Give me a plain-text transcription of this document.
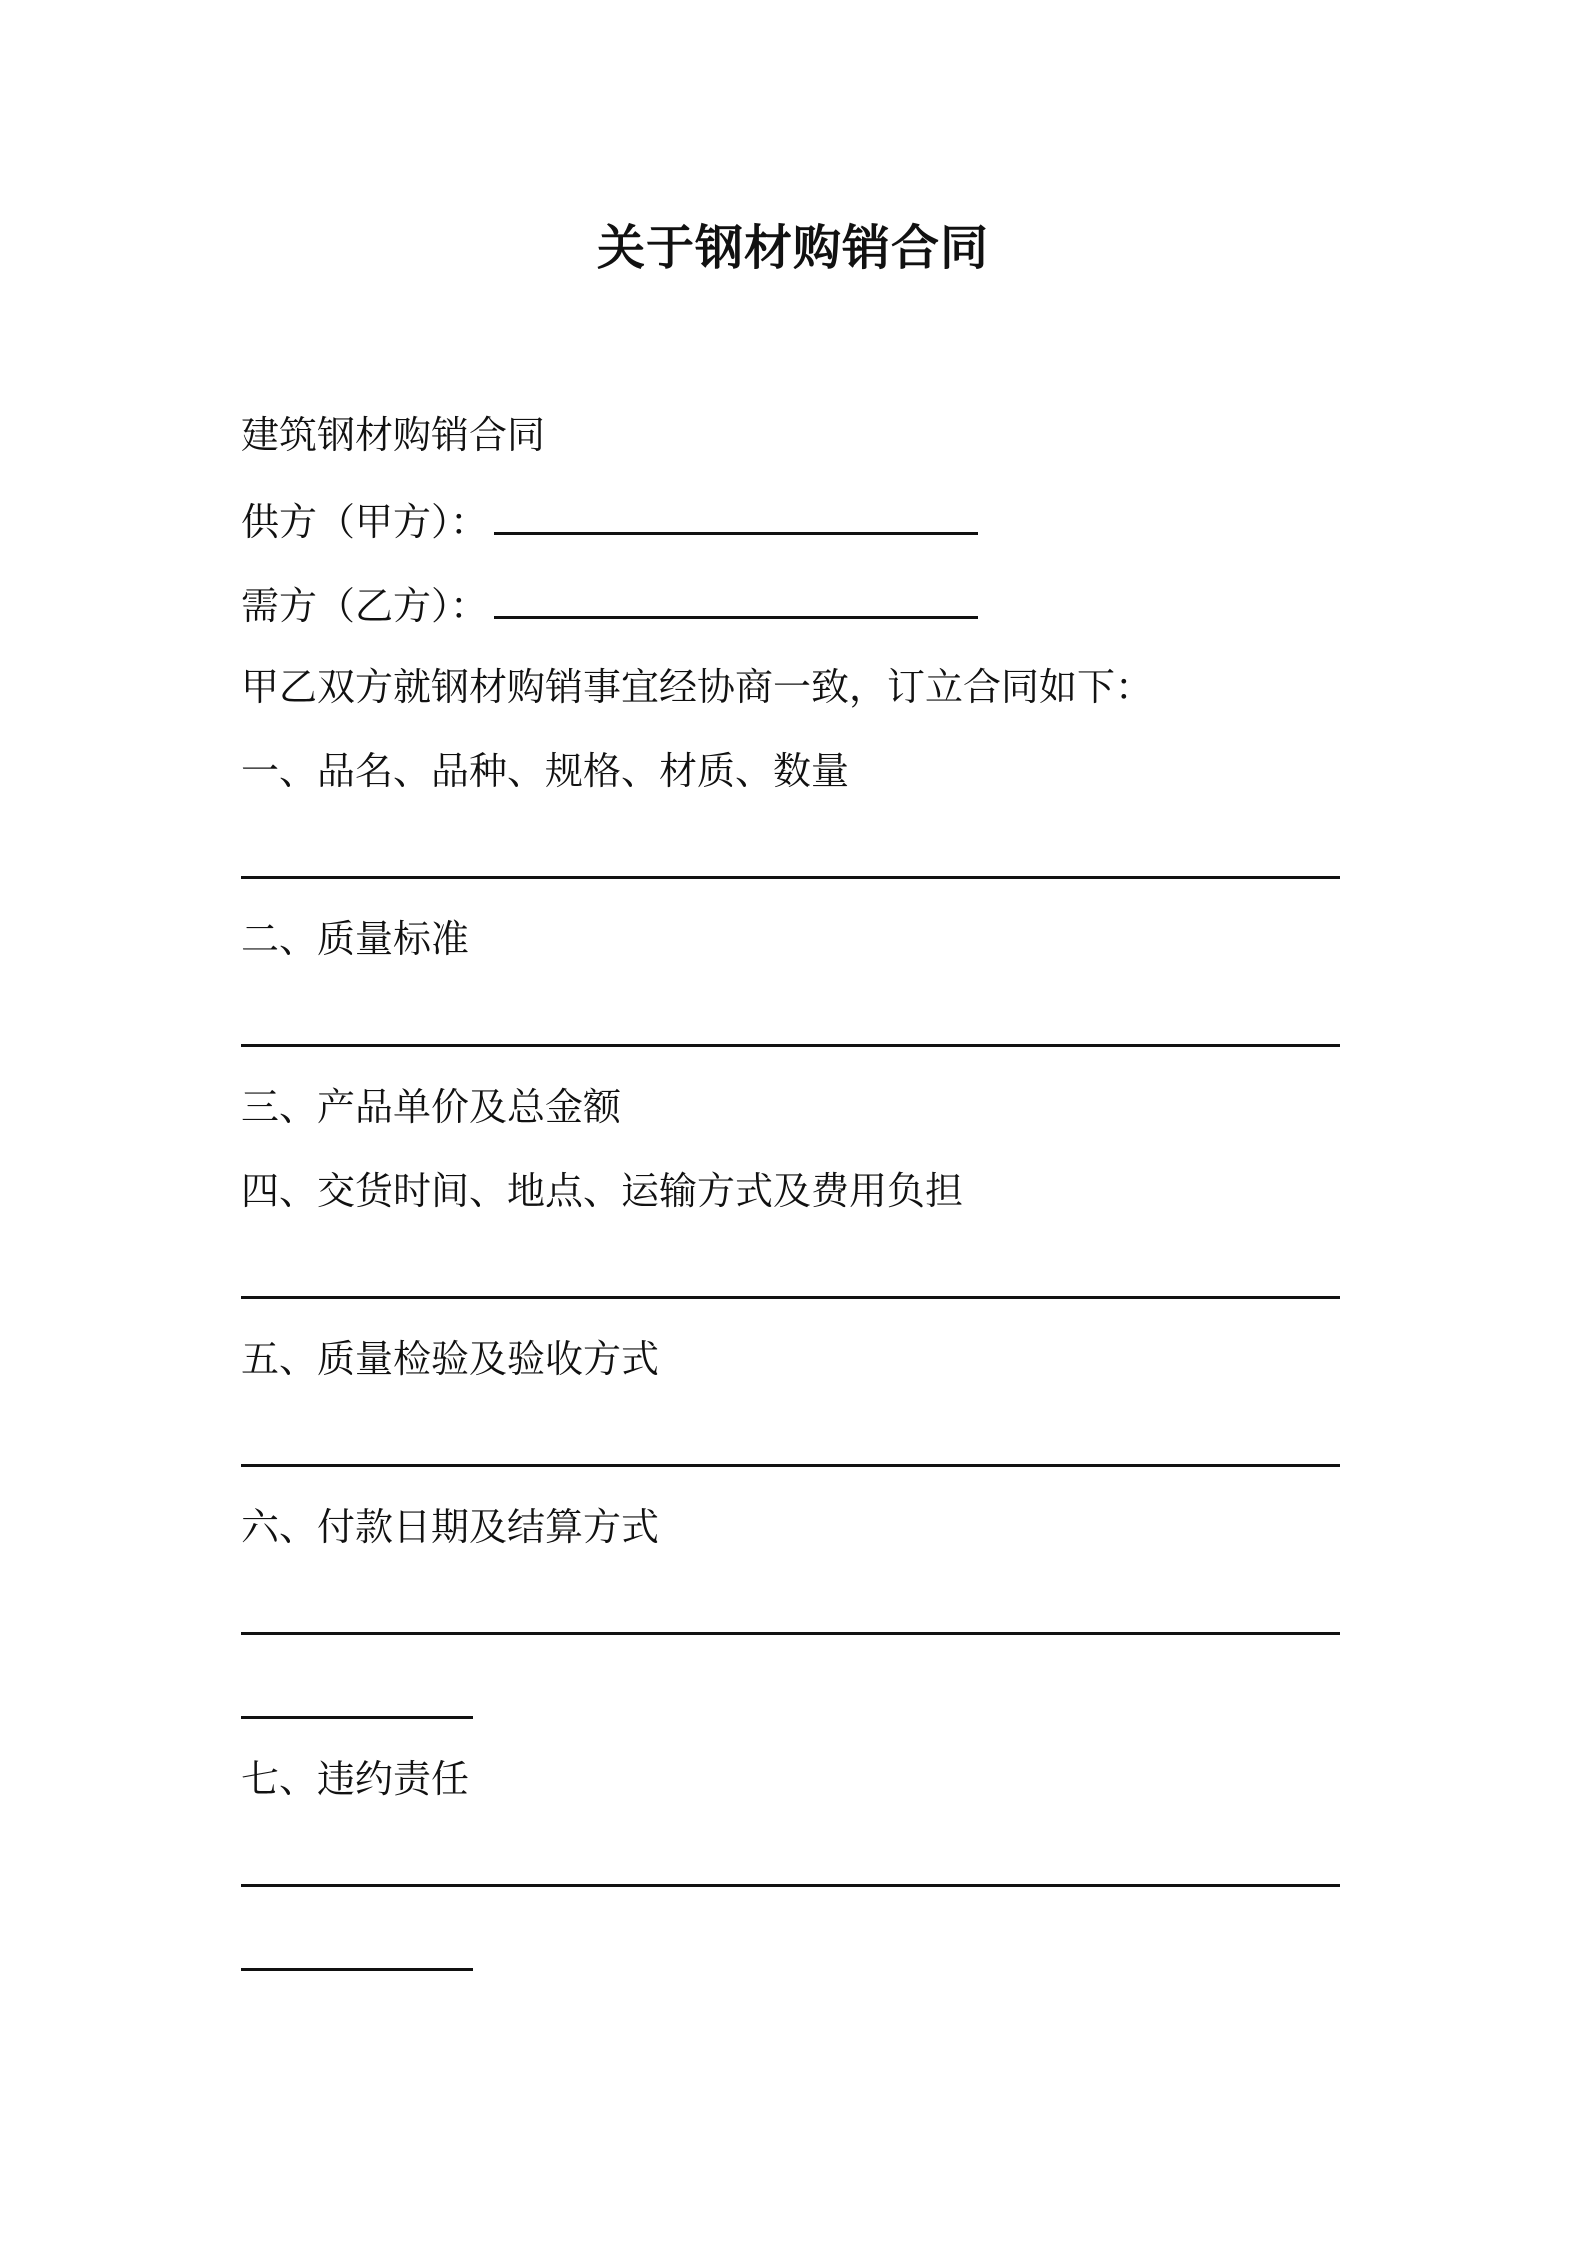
关于钢材购销合同
建筑钢材购销合同
供方（甲方）：
需方（乙方）：
甲乙双方就钢材购销事宜经协商一致，订立合同如下：
一、品名、品种、规格、材质、数量
二、质量标准
三、产品单价及总金额
四、交货时间、地点、运输方式及费用负担
五、质量检验及验收方式
六、付款日期及结算方式
七、违约责任
